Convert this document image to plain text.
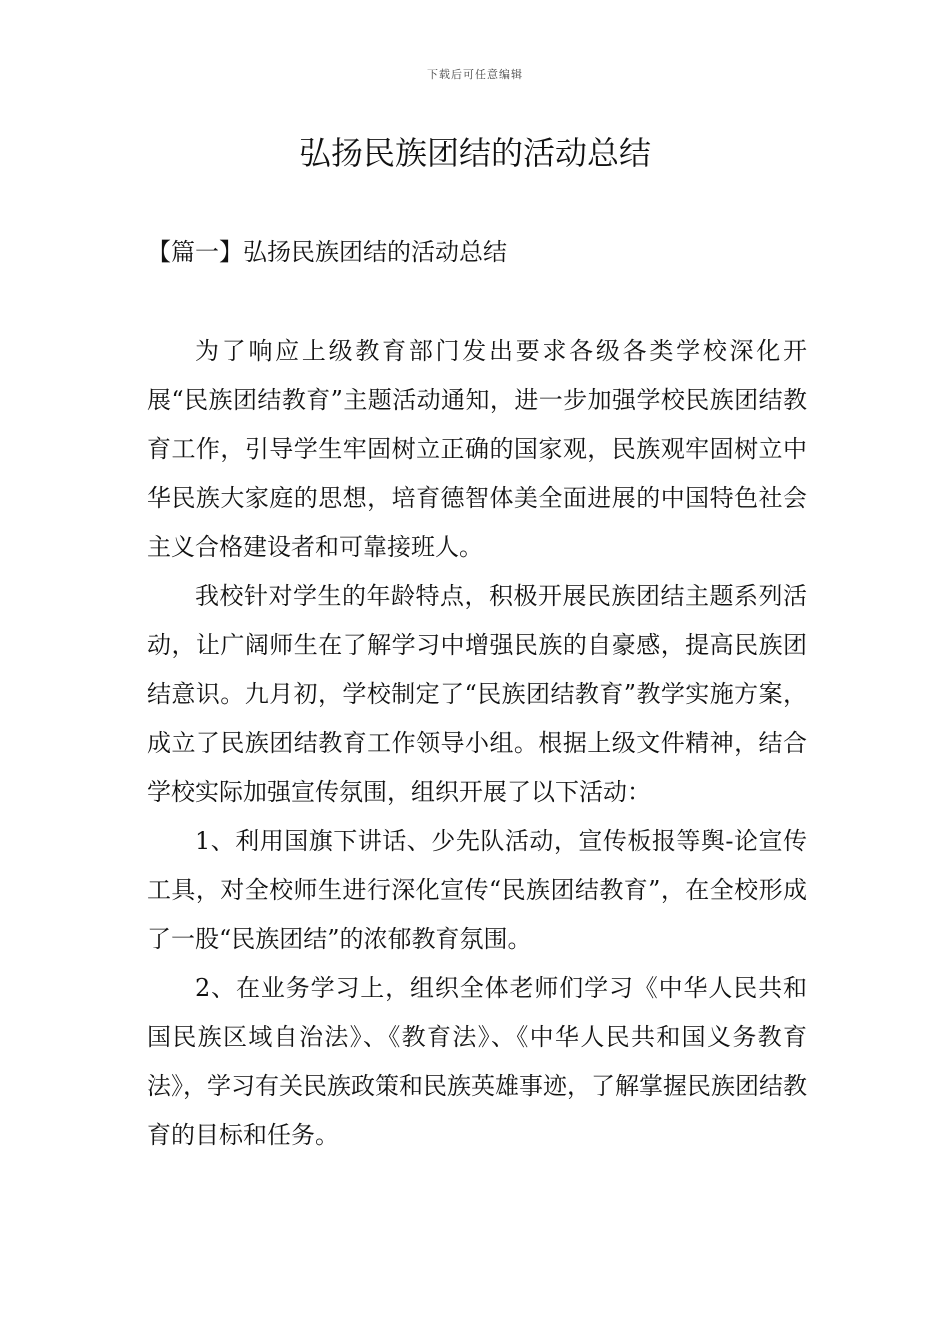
下载后可任意编辑
弘扬民族团结的活动总结
【篇一】弘扬民族团结的活动总结

为了响应上级教育部门发出要求各级各类学校深化开展“民族团结教育”主题活动通知，进一步加强学校民族团结教育工作，引导学生牢固树立正确的国家观，民族观牢固树立中华民族大家庭的思想，培育德智体美全面进展的中国特色社会主义合格建设者和可靠接班人。

我校针对学生的年龄特点，积极开展民族团结主题系列活动，让广阔师生在了解学习中增强民族的自豪感，提高民族团结意识。九月初，学校制定了“民族团结教育”教学实施方案，成立了民族团结教育工作领导小组。根据上级文件精神，结合学校实际加强宣传氛围，组织开展了以下活动：

1、利用国旗下讲话、少先队活动，宣传板报等舆-论宣传工具，对全校师生进行深化宣传“民族团结教育”，在全校形成了一股“民族团结”的浓郁教育氛围。

2、在业务学习上，组织全体老师们学习《中华人民共和国民族区域自治法》、《教育法》、《中华人民共和国义务教育法》，学习有关民族政策和民族英雄事迹，了解掌握民族团结教育的目标和任务。
